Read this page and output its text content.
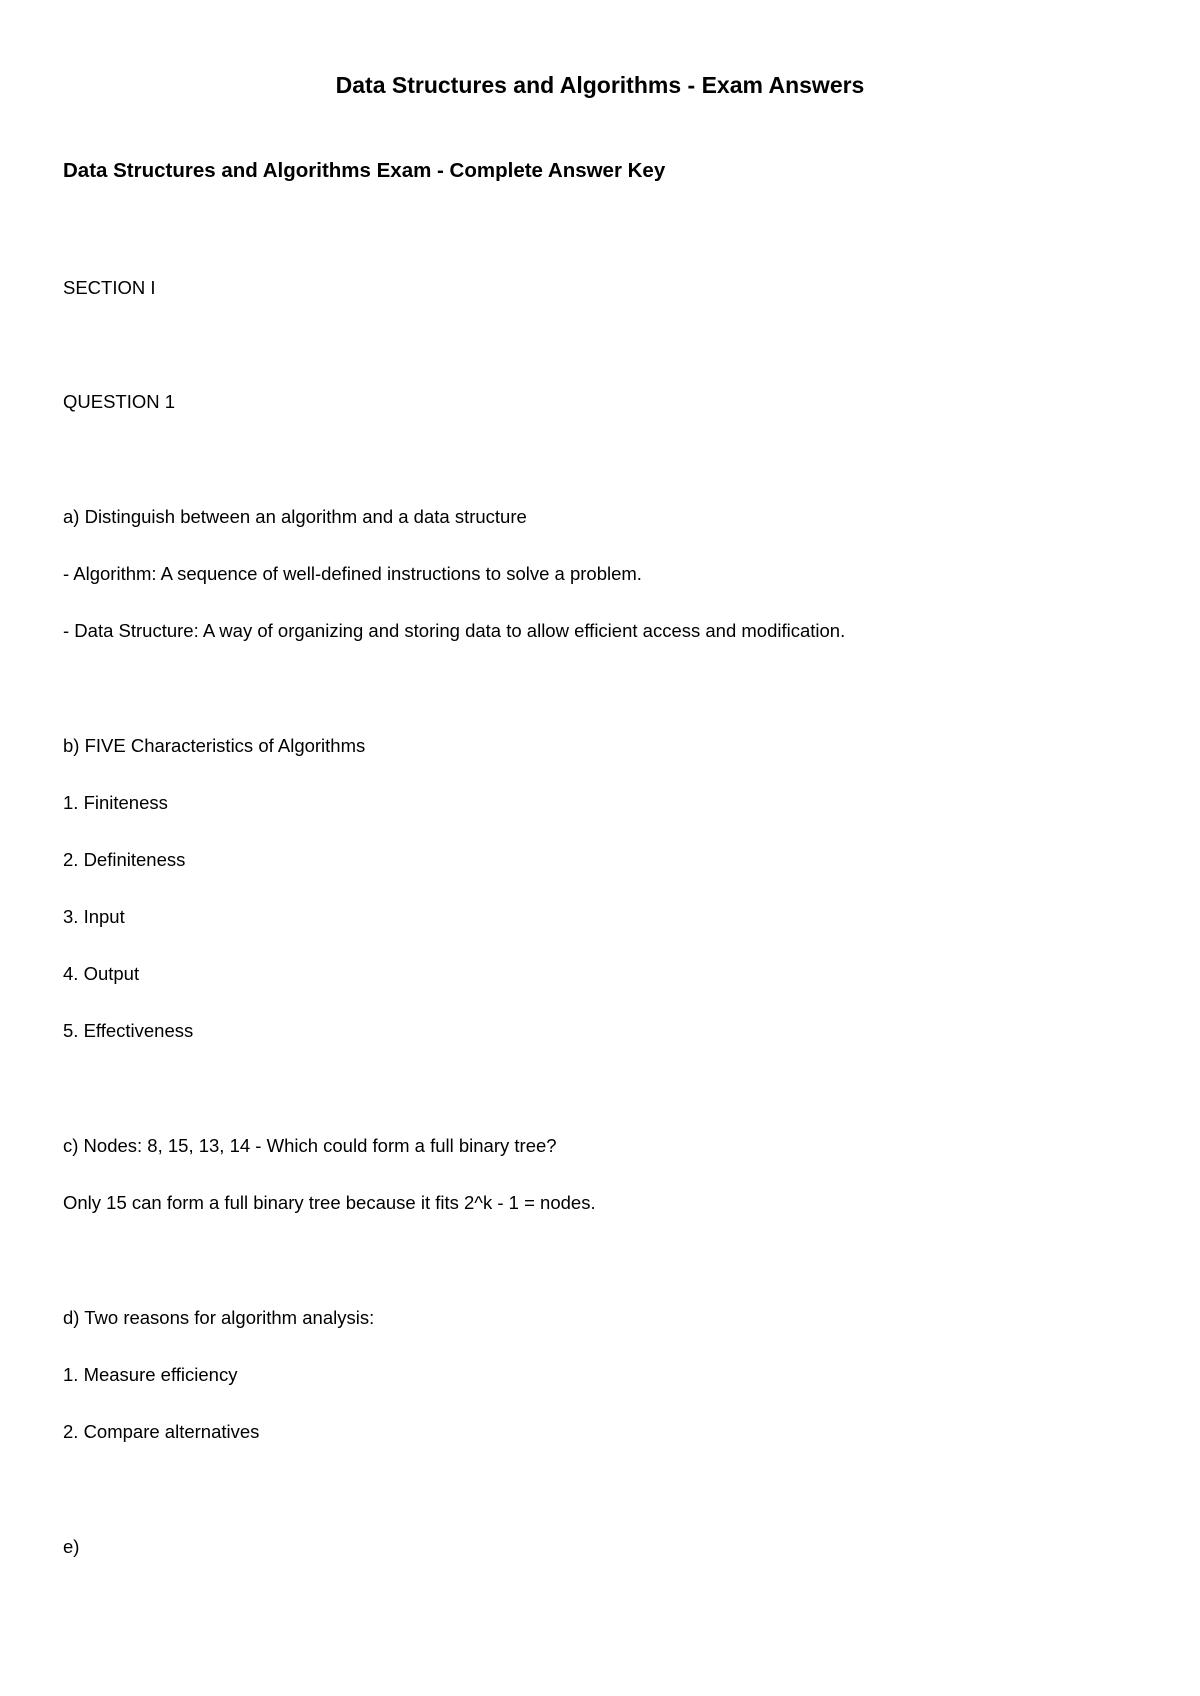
Data Structures and Algorithms - Exam Answers
Data Structures and Algorithms Exam - Complete Answer Key
SECTION I
QUESTION 1
a) Distinguish between an algorithm and a data structure
- Algorithm: A sequence of well-defined instructions to solve a problem.
- Data Structure: A way of organizing and storing data to allow efficient access and modification.
b) FIVE Characteristics of Algorithms
1. Finiteness
2. Definiteness
3. Input
4. Output
5. Effectiveness
c) Nodes: 8, 15, 13, 14 - Which could form a full binary tree?
Only 15 can form a full binary tree because it fits 2^k - 1 = nodes.
d) Two reasons for algorithm analysis:
1. Measure efficiency
2. Compare alternatives
e)
